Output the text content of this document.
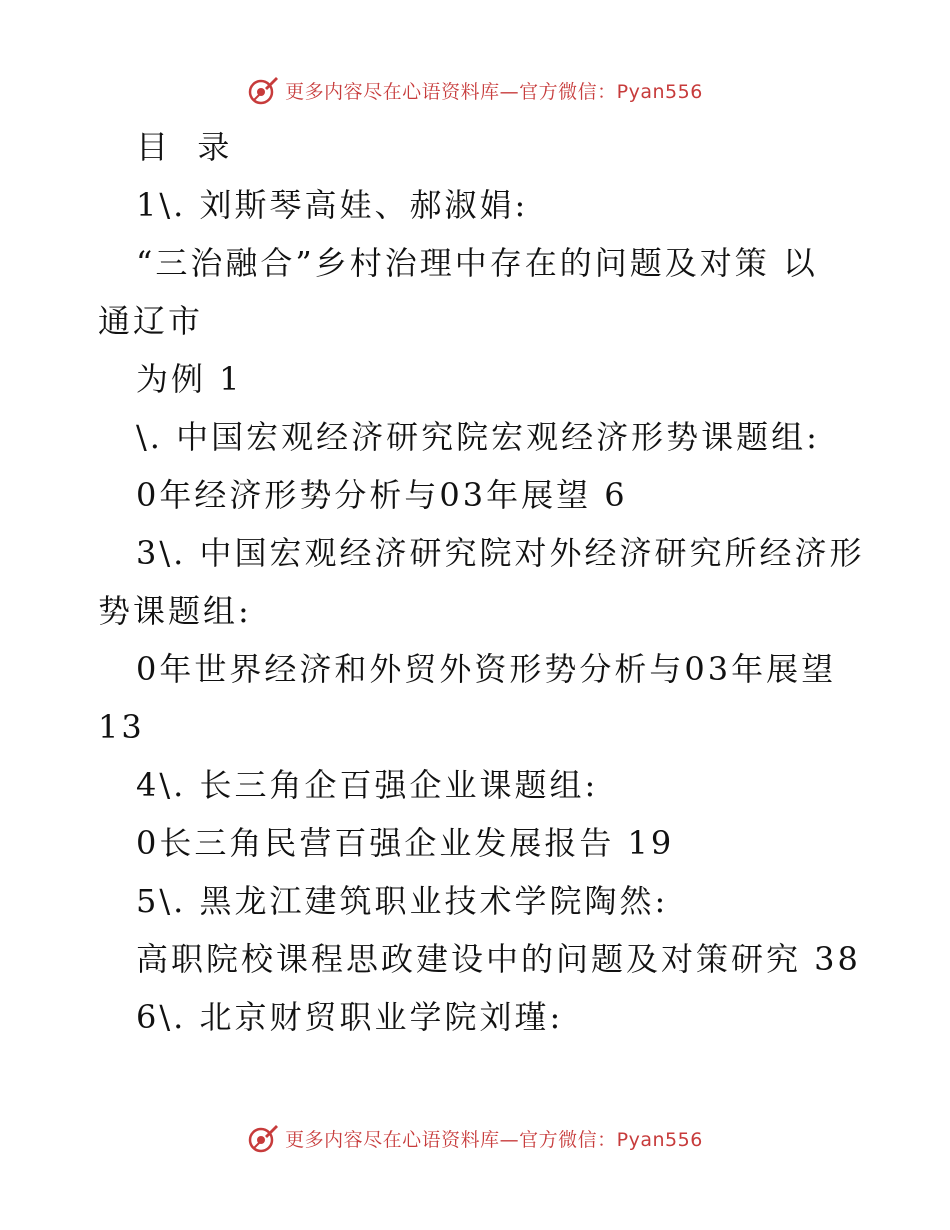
更多内容尽在心语资料库—官方微信：Pyan556
目  录
1\. 刘斯琴高娃、郝淑娟:
“三治融合”乡村治理中存在的问题及对策 以
通辽市
为例 1
\. 中国宏观经济研究院宏观经济形势课题组:
0年经济形势分析与03年展望 6
3\. 中国宏观经济研究院对外经济研究所经济形
势课题组:
0年世界经济和外贸外资形势分析与03年展望
13
4\. 长三角企百强企业课题组:
0长三角民营百强企业发展报告 19
5\. 黑龙江建筑职业技术学院陶然:
高职院校课程思政建设中的问题及对策研究 38
6\. 北京财贸职业学院刘瑾:
更多内容尽在心语资料库—官方微信：Pyan556
